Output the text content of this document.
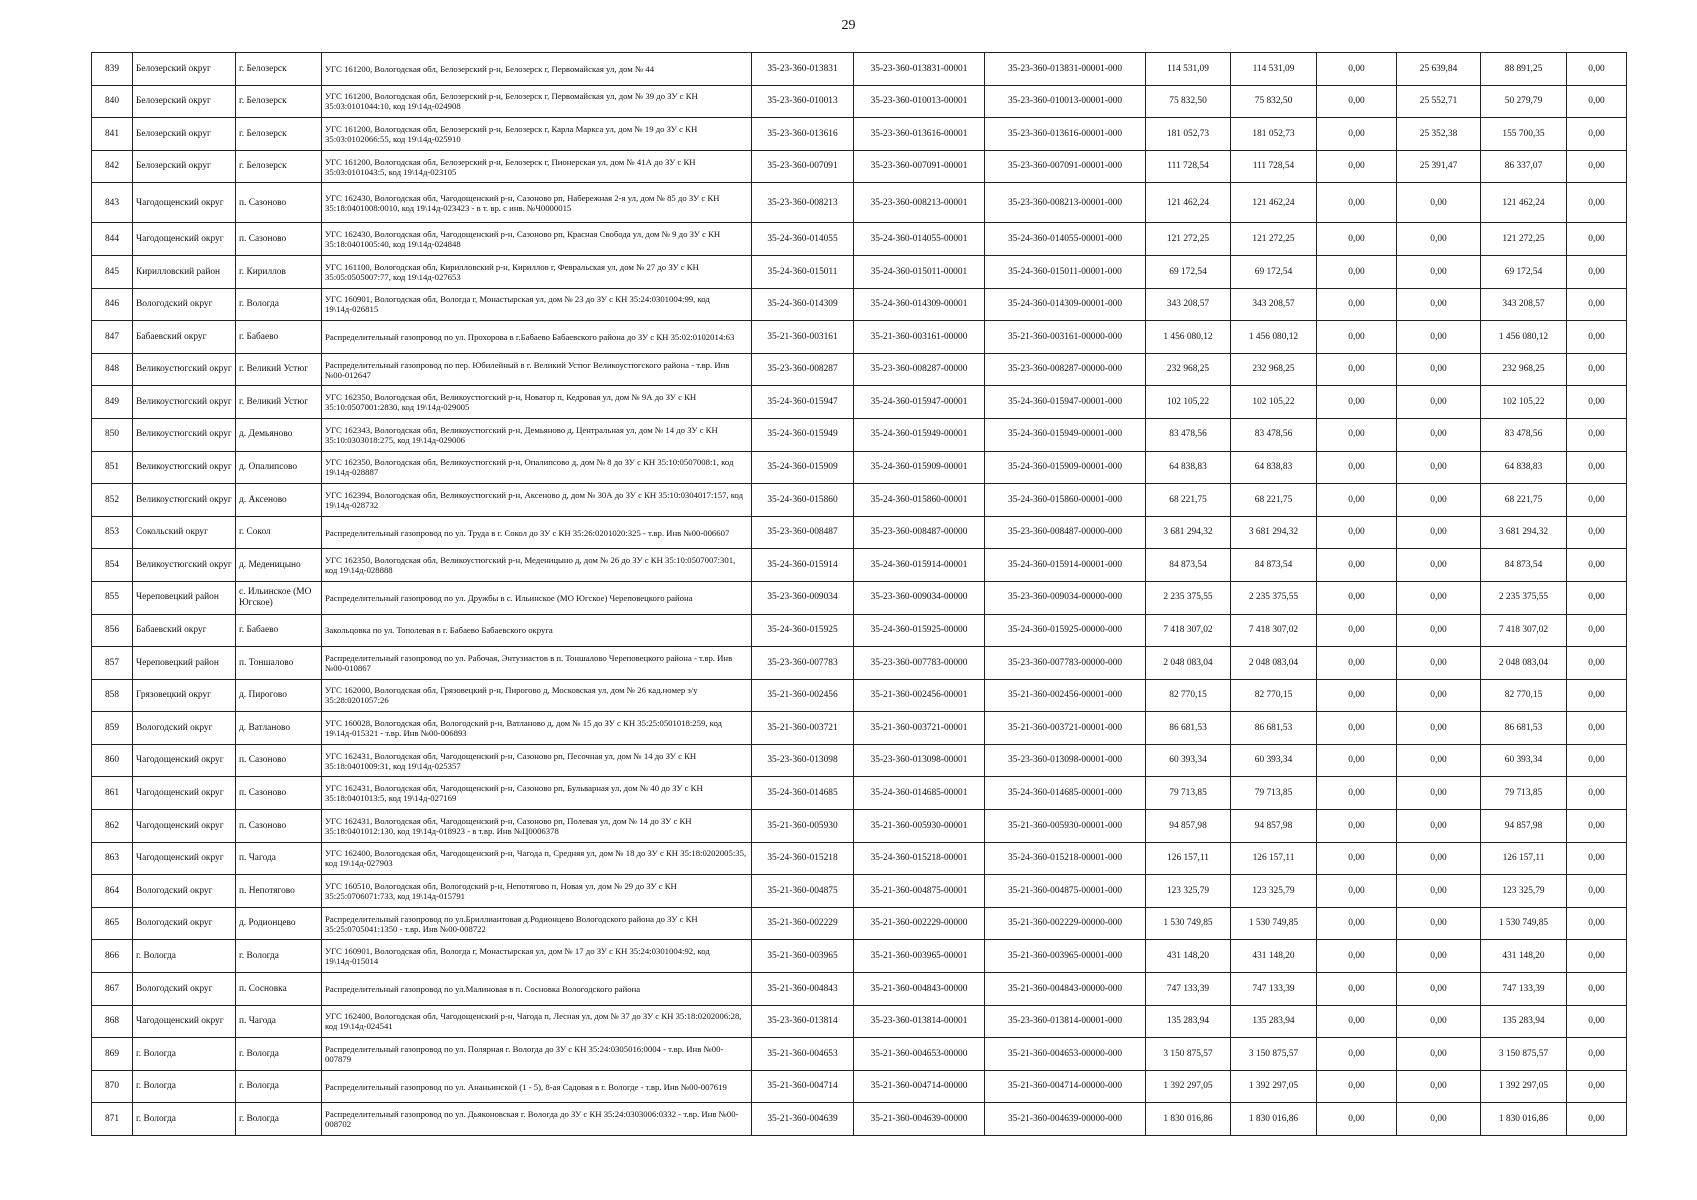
29
839	Белозерский округ	г. Белозерск	УГС 161200, Вологодская обл, Белозерский р-н, Белозерск г, Первомайская ул, дом № 44	35-23-360-013831	35-23-360-013831-00001	35-23-360-013831-00001-000	114 531,09	114 531,09	0,00	25 639,84	88 891,25	0,00
840	Белозерский округ	г. Белозерск	УГС 161200, Вологодская обл, Белозерский р-н, Белозерск г, Первомайская ул, дом № 39 до ЗУ с КН 35:03:0101044:10, код 19\14д-024908	35-23-360-010013	35-23-360-010013-00001	35-23-360-010013-00001-000	75 832,50	75 832,50	0,00	25 552,71	50 279,79	0,00
841	Белозерский округ	г. Белозерск	УГС 161200, Вологодская обл, Белозерский р-н, Белозерск г, Карла Маркса ул, дом № 19 до ЗУ с КН 35:03:0102066:55, код 19\14д-025910	35-23-360-013616	35-23-360-013616-00001	35-23-360-013616-00001-000	181 052,73	181 052,73	0,00	25 352,38	155 700,35	0,00
842	Белозерский округ	г. Белозерск	УГС 161200, Вологодская обл, Белозерский р-н, Белозерск г, Пионерская ул, дом № 41А до ЗУ с КН 35:03:0101043:5, код 19\14д-023105	35-23-360-007091	35-23-360-007091-00001	35-23-360-007091-00001-000	111 728,54	111 728,54	0,00	25 391,47	86 337,07	0,00
843	Чагодощенский округ	п. Сазоново	УГС 162430, Вологодская обл, Чагодощенский р-н, Сазоново рп, Набережная 2-я ул, дом № 85 до ЗУ с КН 35:18:0401008:0010, код 19\14д-023423 - в т. вр. с инв. №Ч0000015	35-23-360-008213	35-23-360-008213-00001	35-23-360-008213-00001-000	121 462,24	121 462,24	0,00	0,00	121 462,24	0,00
844	Чагодощенский округ	п. Сазоново	УГС 162430, Вологодская обл, Чагодощенский р-н, Сазоново рп, Красная Свобода ул, дом № 9 до ЗУ с КН 35:18:0401005:40, код 19\14д-024848	35-24-360-014055	35-24-360-014055-00001	35-24-360-014055-00001-000	121 272,25	121 272,25	0,00	0,00	121 272,25	0,00
845	Кирилловский район	г. Кириллов	УГС 161100, Вологодская обл, Кирилловский р-н, Кириллов г, Февральская ул, дом № 27 до ЗУ с КН 35:05:0505007:77, код 19\14д-027653	35-24-360-015011	35-24-360-015011-00001	35-24-360-015011-00001-000	69 172,54	69 172,54	0,00	0,00	69 172,54	0,00
846	Вологодский округ	г. Вологда	УГС 160901, Вологодская обл, Вологда г, Монастырская ул, дом № 23 до ЗУ с КН 35:24:0301004:99, код 19\14д-026815	35-24-360-014309	35-24-360-014309-00001	35-24-360-014309-00001-000	343 208,57	343 208,57	0,00	0,00	343 208,57	0,00
847	Бабаевский округ	г. Бабаево	Распределительный газопровод по ул. Прохорова в г.Бабаево Бабаевского района до ЗУ с КН 35:02:0102014:63	35-21-360-003161	35-21-360-003161-00000	35-21-360-003161-00000-000	1 456 080,12	1 456 080,12	0,00	0,00	1 456 080,12	0,00
848	Великоустюгский округ	г. Великий Устюг	Распределительный газопровод по пер. Юбилейный в г. Великий Устюг Великоустюгского района - т.вр. Инв №00-012647	35-23-360-008287	35-23-360-008287-00000	35-23-360-008287-00000-000	232 968,25	232 968,25	0,00	0,00	232 968,25	0,00
849	Великоустюгский округ	г. Великий Устюг	УГС 162350, Вологодская обл, Великоустюгский р-н, Новатор п, Кедровая ул, дом № 9А до ЗУ с КН 35:10:0507001:2830, код 19\14д-029005	35-24-360-015947	35-24-360-015947-00001	35-24-360-015947-00001-000	102 105,22	102 105,22	0,00	0,00	102 105,22	0,00
850	Великоустюгский округ	д. Демьяново	УГС 162343, Вологодская обл, Великоустюгский р-н, Демьяново д, Центральная ул, дом № 14 до ЗУ с КН 35:10:0303018:275, код 19\14д-029006	35-24-360-015949	35-24-360-015949-00001	35-24-360-015949-00001-000	83 478,56	83 478,56	0,00	0,00	83 478,56	0,00
851	Великоустюгский округ	д. Опалипсово	УГС 162350, Вологодская обл, Великоустюгский р-н, Опалипсово д, дом № 8 до ЗУ с КН 35:10:0507008:1, код 19\14д-028887	35-24-360-015909	35-24-360-015909-00001	35-24-360-015909-00001-000	64 838,83	64 838,83	0,00	0,00	64 838,83	0,00
852	Великоустюгский округ	д. Аксеново	УГС 162394, Вологодская обл, Великоустюгский р-н, Аксеново д, дом № 30А до ЗУ с КН 35:10:0304017:157, код 19\14д-028732	35-24-360-015860	35-24-360-015860-00001	35-24-360-015860-00001-000	68 221,75	68 221,75	0,00	0,00	68 221,75	0,00
853	Сокольский округ	г. Сокол	Распределительный газопровод по ул. Труда в г. Сокол до ЗУ с КН 35:26:0201020:325 - т.вр. Инв №00-006607	35-23-360-008487	35-23-360-008487-00000	35-23-360-008487-00000-000	3 681 294,32	3 681 294,32	0,00	0,00	3 681 294,32	0,00
854	Великоустюгский округ	д. Меденицыно	УГС 162350, Вологодская обл, Великоустюгский р-н, Меденицыно д, дом № 26 до ЗУ с КН 35:10:0507007:301, код 19\14д-028888	35-24-360-015914	35-24-360-015914-00001	35-24-360-015914-00001-000	84 873,54	84 873,54	0,00	0,00	84 873,54	0,00
855	Череповецкий район	с. Ильинское (МО Югское)	Распределительный газопровод по ул. Дружбы в с. Ильинское (МО Югское) Череповецкого района	35-23-360-009034	35-23-360-009034-00000	35-23-360-009034-00000-000	2 235 375,55	2 235 375,55	0,00	0,00	2 235 375,55	0,00
856	Бабаевский округ	г. Бабаево	Закольцовка по ул. Тополевая в г. Бабаево Бабаевского округа	35-24-360-015925	35-24-360-015925-00000	35-24-360-015925-00000-000	7 418 307,02	7 418 307,02	0,00	0,00	7 418 307,02	0,00
857	Череповецкий район	п. Тоншалово	Распределительный газопровод по ул. Рабочая, Энтузиастов в п. Тоншалово Череповецкого района - т.вр. Инв №00-010867	35-23-360-007783	35-23-360-007783-00000	35-23-360-007783-00000-000	2 048 083,04	2 048 083,04	0,00	0,00	2 048 083,04	0,00
858	Грязовецкий округ	д. Пирогово	УГС 162000, Вологодская обл, Грязовецкий р-н, Пирогово д, Московская ул, дом № 26 кад.номер з/у 35:28:0201057:26	35-21-360-002456	35-21-360-002456-00001	35-21-360-002456-00001-000	82 770,15	82 770,15	0,00	0,00	82 770,15	0,00
859	Вологодский округ	д. Ватланово	УГС 160028, Вологодская обл, Вологодский р-н, Ватланово д, дом № 15 до ЗУ с КН 35:25:0501018:259, код 19\14д-015321 - т.вр. Инв №00-006893	35-21-360-003721	35-21-360-003721-00001	35-21-360-003721-00001-000	86 681,53	86 681,53	0,00	0,00	86 681,53	0,00
860	Чагодощенский округ	п. Сазоново	УГС 162431, Вологодская обл, Чагодощенский р-н, Сазоново рп, Песочная ул, дом № 14 до ЗУ с КН 35:18:0401009:31, код 19\14д-025357	35-23-360-013098	35-23-360-013098-00001	35-23-360-013098-00001-000	60 393,34	60 393,34	0,00	0,00	60 393,34	0,00
861	Чагодощенский округ	п. Сазоново	УГС 162431, Вологодская обл, Чагодощенский р-н, Сазоново рп, Бульварная ул, дом № 40 до ЗУ с КН 35:18:0401013:5, код 19\14д-027169	35-24-360-014685	35-24-360-014685-00001	35-24-360-014685-00001-000	79 713,85	79 713,85	0,00	0,00	79 713,85	0,00
862	Чагодощенский округ	п. Сазоново	УГС 162431, Вологодская обл, Чагодощенский р-н, Сазоново рп, Полевая ул, дом № 14 до ЗУ с КН 35:18:0401012:130, код 19\14д-018923 - в т.вр. Инв №Ц0006378	35-21-360-005930	35-21-360-005930-00001	35-21-360-005930-00001-000	94 857,98	94 857,98	0,00	0,00	94 857,98	0,00
863	Чагодощенский округ	п. Чагода	УГС 162400, Вологодская обл, Чагодощенский р-н, Чагода п, Средняя ул, дом № 18 до ЗУ с КН 35:18:0202005:35, код 19\14д-027903	35-24-360-015218	35-24-360-015218-00001	35-24-360-015218-00001-000	126 157,11	126 157,11	0,00	0,00	126 157,11	0,00
864	Вологодский округ	п. Непотягово	УГС 160510, Вологодская обл, Вологодский р-н, Непотягово п, Новая ул, дом № 29 до ЗУ с КН 35:25:0706071:733, код 19\14д-015791	35-21-360-004875	35-21-360-004875-00001	35-21-360-004875-00001-000	123 325,79	123 325,79	0,00	0,00	123 325,79	0,00
865	Вологодский округ	д. Родионцево	Распределительный газопровод по ул.Бриллиантовая д.Родионцево Вологодского района до ЗУ с КН 35:25:0705041:1350 - т.вр. Инв №00-008722	35-21-360-002229	35-21-360-002229-00000	35-21-360-002229-00000-000	1 530 749,85	1 530 749,85	0,00	0,00	1 530 749,85	0,00
866	г. Вологда	г. Вологда	УГС 160901, Вологодская обл, Вологда г, Монастырская ул, дом № 17 до ЗУ с КН 35:24:0301004:92, код 19\14д-015014	35-21-360-003965	35-21-360-003965-00001	35-21-360-003965-00001-000	431 148,20	431 148,20	0,00	0,00	431 148,20	0,00
867	Вологодский округ	п. Сосновка	Распределительный газопровод по ул.Малиновая в п. Сосновка Вологодского района	35-21-360-004843	35-21-360-004843-00000	35-21-360-004843-00000-000	747 133,39	747 133,39	0,00	0,00	747 133,39	0,00
868	Чагодощенский округ	п. Чагода	УГС 162400, Вологодская обл, Чагодощенский р-н, Чагода п, Лесная ул, дом № 37 до ЗУ с КН 35:18:0202006:28, код 19\14д-024541	35-23-360-013814	35-23-360-013814-00001	35-23-360-013814-00001-000	135 283,94	135 283,94	0,00	0,00	135 283,94	0,00
869	г. Вологда	г. Вологда	Распределительный газопровод по ул. Полярная г. Вологда до ЗУ с КН 35:24:0305016:0004 - т.вр. Инв №00-007879	35-21-360-004653	35-21-360-004653-00000	35-21-360-004653-00000-000	3 150 875,57	3 150 875,57	0,00	0,00	3 150 875,57	0,00
870	г. Вологда	г. Вологда	Распределительный газопровод по ул. Ананьинской (1 - 5), 8-ая Садовая в г. Вологде - т.вр. Инв №00-007619	35-21-360-004714	35-21-360-004714-00000	35-21-360-004714-00000-000	1 392 297,05	1 392 297,05	0,00	0,00	1 392 297,05	0,00
871	г. Вологда	г. Вологда	Распределительный газопровод по ул. Дьяконовская г. Вологда до ЗУ с КН 35:24:0303006:0332 - т.вр. Инв №00-008702	35-21-360-004639	35-21-360-004639-00000	35-21-360-004639-00000-000	1 830 016,86	1 830 016,86	0,00	0,00	1 830 016,86	0,00
